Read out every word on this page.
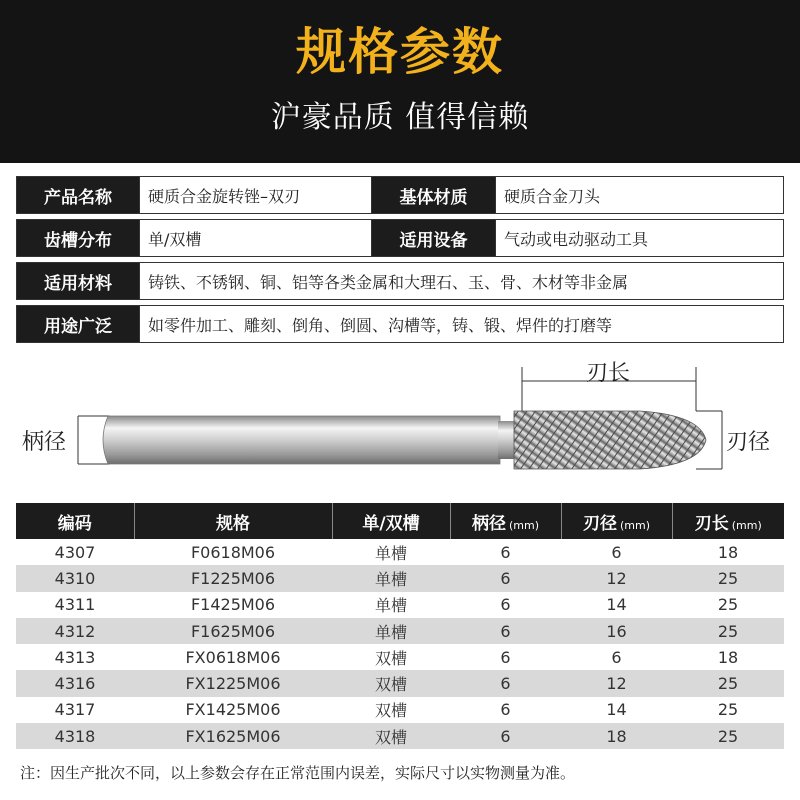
规格参数
沪豪品质 值得信赖
产品名称	硬质合金旋转锉–双刃	基体材质	硬质合金刀头
齿槽分布	单/双槽	适用设备	气动或电动驱动工具
适用材料	铸铁、不锈钢、铜、铝等各类金属和大理石、玉、骨、木材等非金属
用途广泛	如零件加工、雕刻、倒角、倒圆、沟槽等，铸、锻、焊件的打磨等
柄径	刃径
刃长
编码	规格	单/双槽	柄径 (mm)	刃径 (mm)	刃长 (mm)
4307	F0618M06	单槽	6	6	18
4310	F1225M06	单槽	6	12	25
4311	F1425M06	单槽	6	14	25
4312	F1625M06	单槽	6	16	25
4313	FX0618M06	双槽	6	6	18
4316	FX1225M06	双槽	6	12	25
4317	FX1425M06	双槽	6	14	25
4318	FX1625M06	双槽	6	18	25
注：因生产批次不同，以上参数会存在正常范围内误差，实际尺寸以实物测量为准。
